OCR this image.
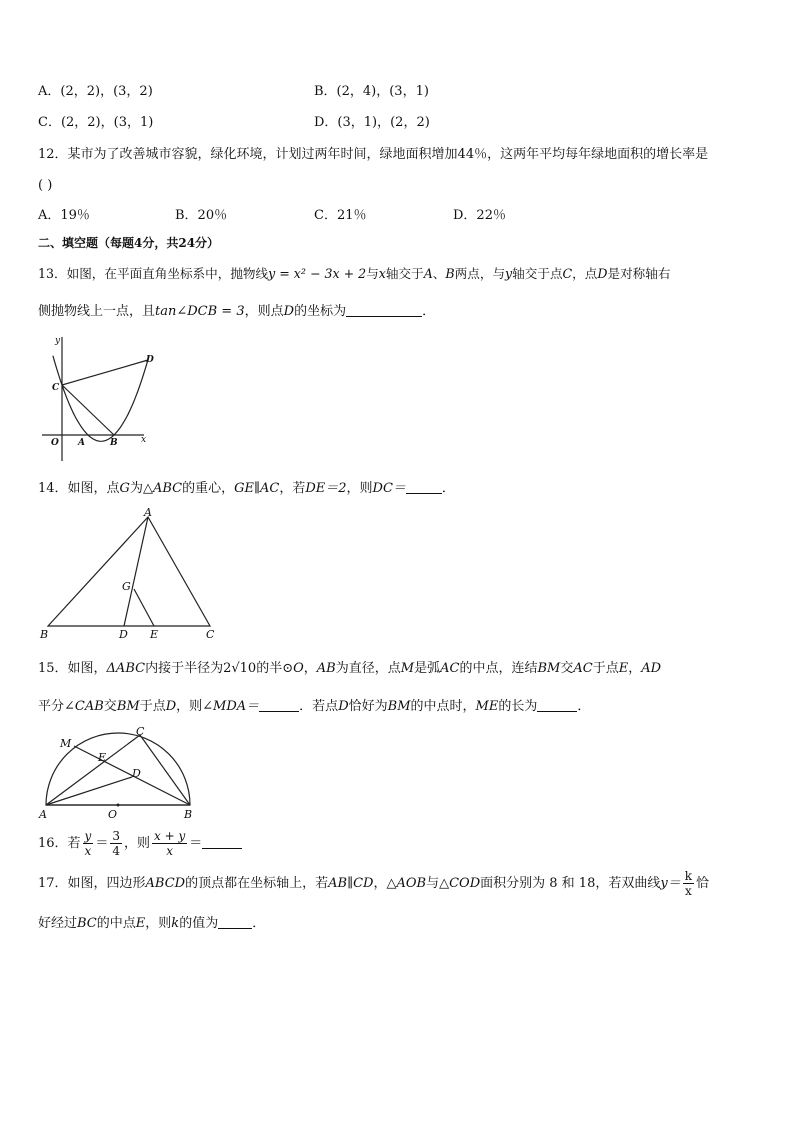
A．(2，2)，(3，2)	B．(2，4)，(3，1)
C．(2，2)，(3，1)	D．(3，1)，(2，2)
12．某市为了改善城市容貌，绿化环境，计划过两年时间，绿地面积增加44％，这两年平均每年绿地面积的增长率是
( )
A．19％	B．20％	C．21％	D．22％
二、填空题（每题4分，共24分）
13．如图，在平面直角坐标系中，抛物线y = x² − 3x + 2与x轴交于A、B两点，与y轴交于点C，点D是对称轴右
侧抛物线上一点，且tan∠DCB = 3，则点D的坐标为	．
y
C
D
O A	B	x
14．如图，点G为△ABC的重心，GE∥AC，若DE＝2，则DC＝	．
A
G
B	D E	C
15．如图，ΔABC内接于半径为2√10的半⊙O，AB为直径，点M是弧AC的中点，连结BM交AC于点E，AD
平分∠CAB交BM于点D，则∠MDA＝	．若点D恰好为BM的中点时，ME的长为	．
M
C
E
D
A	O	B
16．若 $\frac{y}{x} = \frac{3}{4}$ ，则 $\frac{x + y}{x}$ ＝
17．如图，四边形ABCD的顶点都在坐标轴上，若AB∥CD，△AOB与△COD面积分别为 8 和 18，若双曲线$y= \frac{k}{x}$ 恰
好经过BC的中点E，则k的值为	．
